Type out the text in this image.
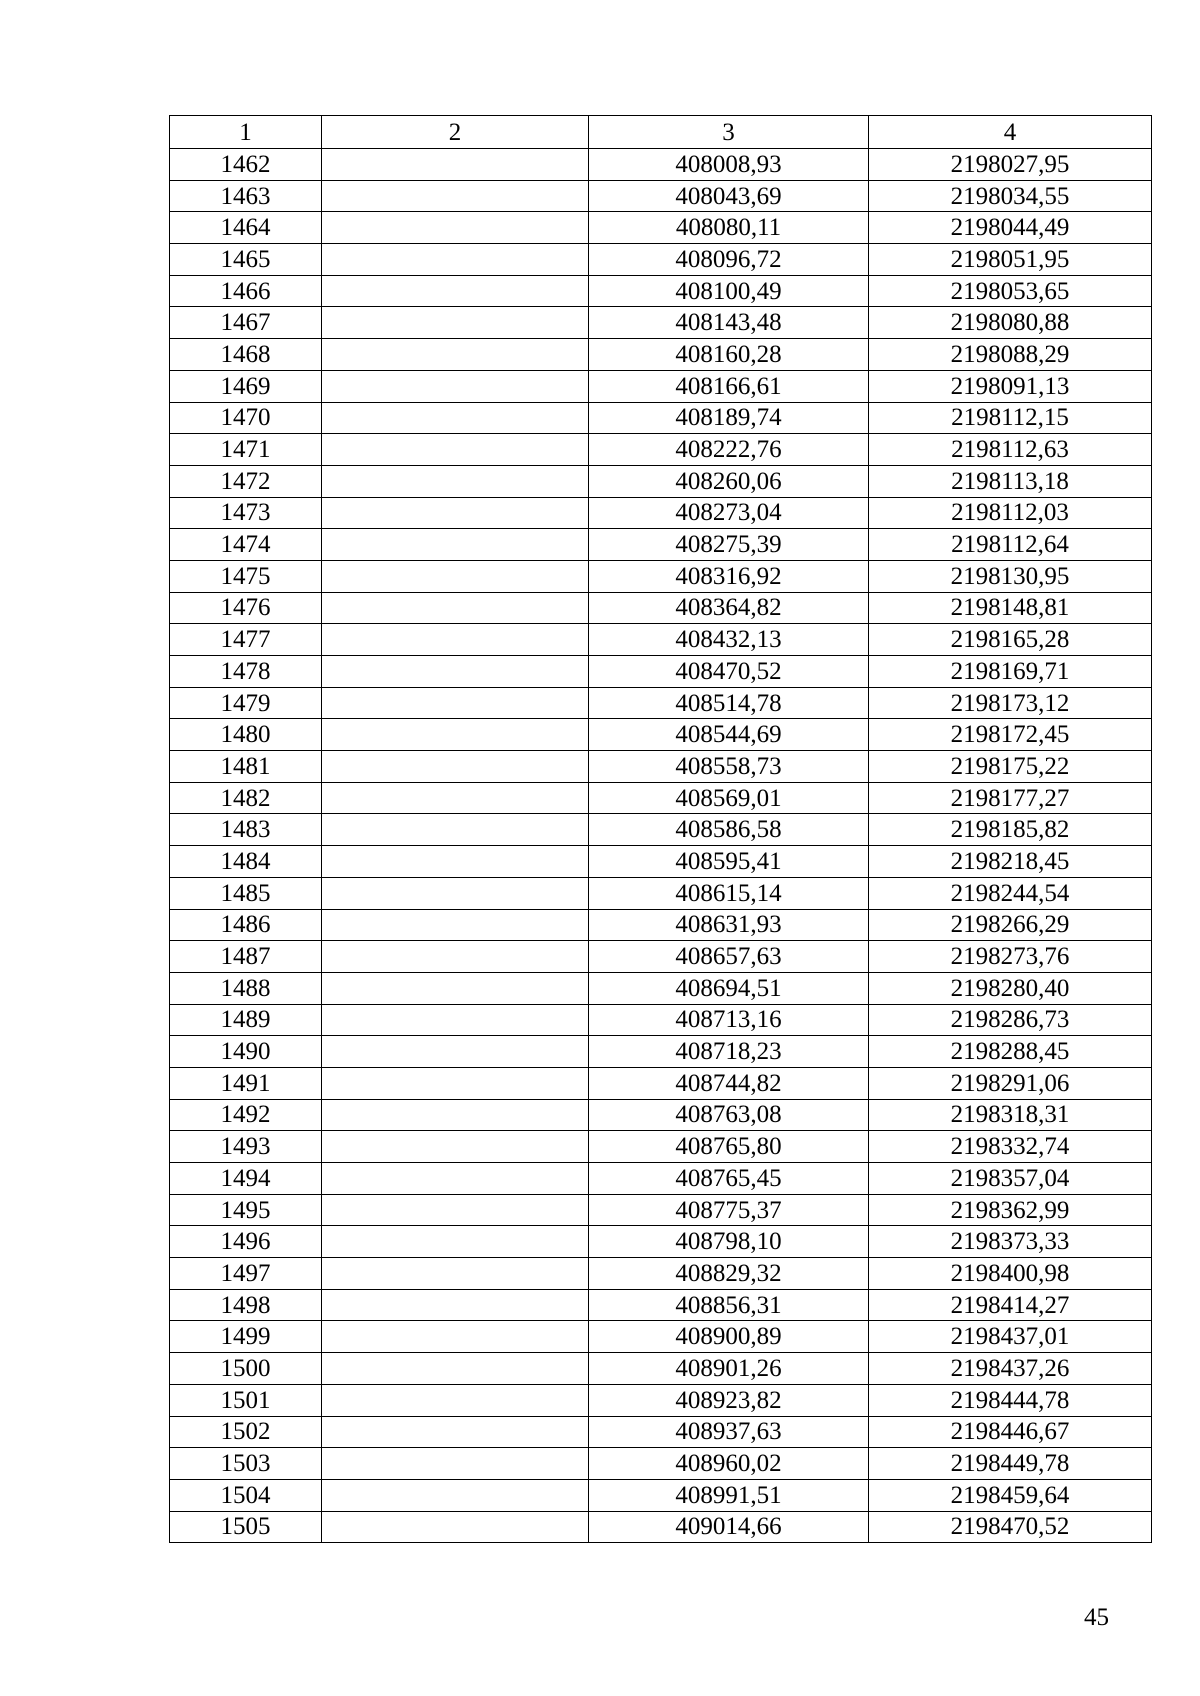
1	2	3	4
1462		408008,93	2198027,95
1463		408043,69	2198034,55
1464		408080,11	2198044,49
1465		408096,72	2198051,95
1466		408100,49	2198053,65
1467		408143,48	2198080,88
1468		408160,28	2198088,29
1469		408166,61	2198091,13
1470		408189,74	2198112,15
1471		408222,76	2198112,63
1472		408260,06	2198113,18
1473		408273,04	2198112,03
1474		408275,39	2198112,64
1475		408316,92	2198130,95
1476		408364,82	2198148,81
1477		408432,13	2198165,28
1478		408470,52	2198169,71
1479		408514,78	2198173,12
1480		408544,69	2198172,45
1481		408558,73	2198175,22
1482		408569,01	2198177,27
1483		408586,58	2198185,82
1484		408595,41	2198218,45
1485		408615,14	2198244,54
1486		408631,93	2198266,29
1487		408657,63	2198273,76
1488		408694,51	2198280,40
1489		408713,16	2198286,73
1490		408718,23	2198288,45
1491		408744,82	2198291,06
1492		408763,08	2198318,31
1493		408765,80	2198332,74
1494		408765,45	2198357,04
1495		408775,37	2198362,99
1496		408798,10	2198373,33
1497		408829,32	2198400,98
1498		408856,31	2198414,27
1499		408900,89	2198437,01
1500		408901,26	2198437,26
1501		408923,82	2198444,78
1502		408937,63	2198446,67
1503		408960,02	2198449,78
1504		408991,51	2198459,64
1505		409014,66	2198470,52
45
